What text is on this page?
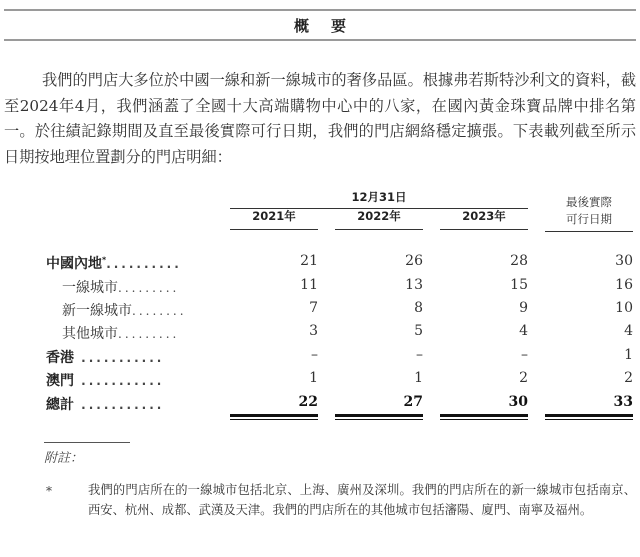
概要
我們的門店大多位於中國一線和新一線城市的奢侈品區。根據弗若斯特沙利文的資料，截至2024年4月，我們涵蓋了全國十大高端購物中心中的八家，在國內黃金珠寶品牌中排名第一。於往績記錄期間及直至最後實際可行日期，我們的門店網絡穩定擴張。下表載列截至所示日期按地理位置劃分的門店明細：
12月31日
2021年	2022年	2023年
最後實際
可行日期
中國內地*..........	21	26	28	30
一線城市.........	11	13	15	16
新一線城市........	7	8	9	10
其他城市.........	3	5	4	4
香港 ...........	–	–	–	1
澳門 ...........	1	1	2	2
總計 ...........	22	27	30	33
附註：
*	我們的門店所在的一線城市包括北京、上海、廣州及深圳。我們的門店所在的新一線城市包括南京、西安、杭州、成都、武漢及天津。我們的門店所在的其他城市包括瀋陽、廈門、南寧及福州。
